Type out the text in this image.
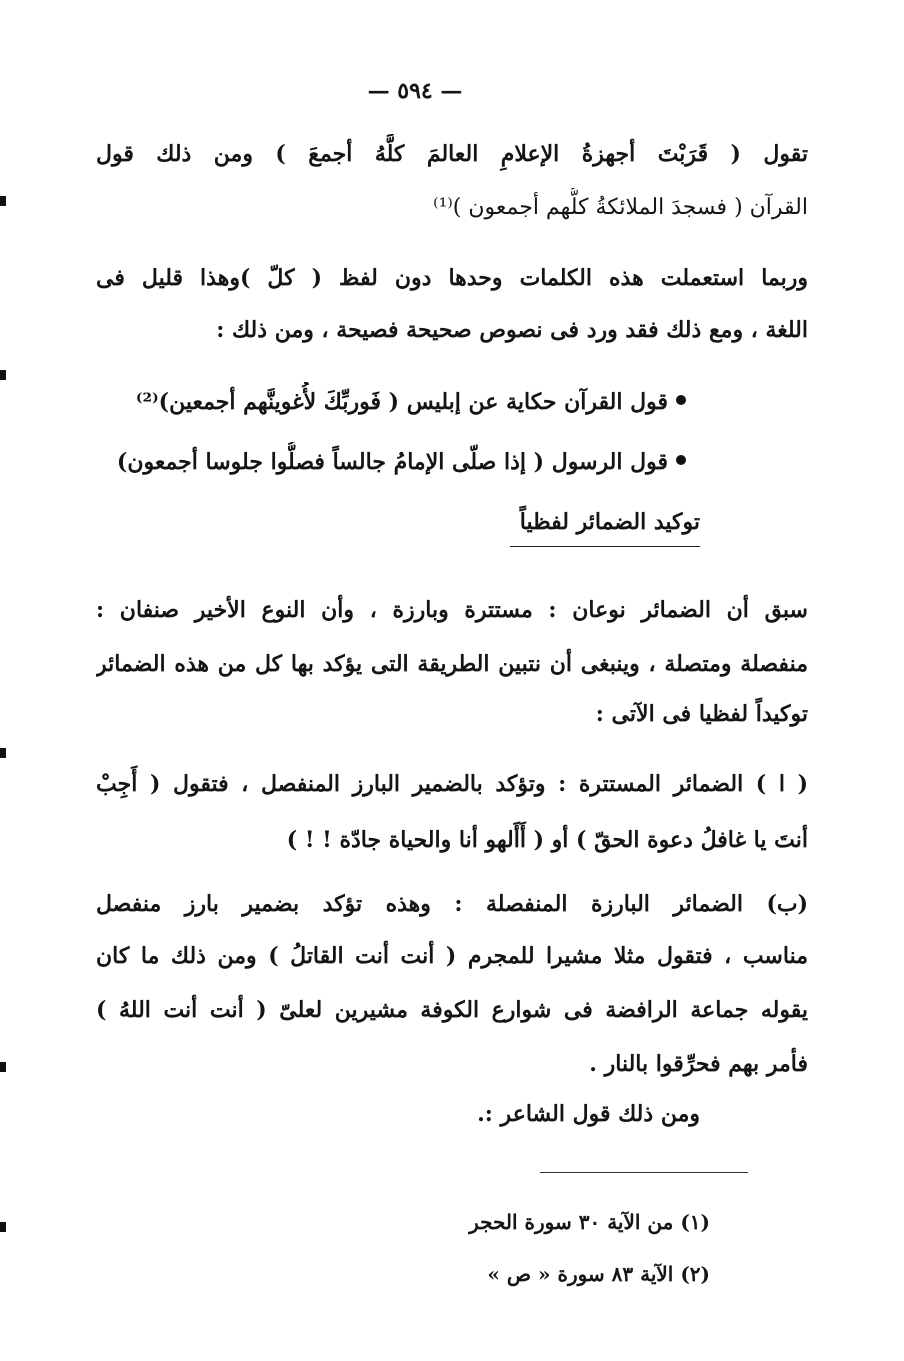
— ٥٩٤ —
تقول ( قَرَبْتَ أجهزةُ الإعلامِ العالمَ كلَّهُ أجمعَ ) ومن ذلك قول
القرآن ( فسجدَ الملائكةُ كلُّهم أجمعون )⁽¹⁾
وربما استعملت هذه الكلمات وحدها دون لفظ ( كلّ )وهذا قليل فى
اللغة ، ومع ذلك فقد ورد فى نصوص صحيحة فصيحة ، ومن ذلك :
قول القرآن حكاية عن إبليس ( فَوربِّكَ لأُغوينَّهم أجمعين)⁽²⁾
قول الرسول ( إذا صلّى الإمامُ جالساً فصلُّوا جلوسا أجمعون)
توكيد الضمائر لفظياً
سبق أن الضمائر نوعان : مستترة وبارزة ، وأن النوع الأخير صنفان :
منفصلة ومتصلة ، وينبغى أن نتبين الطريقة التى يؤكد بها كل من هذه الضمائر
توكيداً لفظيا فى الآتى :
( ا ) الضمائر المستترة : وتؤكد بالضمير البارز المنفصل ، فتقول ( أَجِبْ
أنتَ يا غافلُ دعوة الحقّ ) أو ( أَأَلهو أنا والحياة جادّة ! ! )
(ب) الضمائر البارزة المنفصلة : وهذه تؤكد بضمير بارز منفصل
مناسب ، فتقول مثلا مشيرا للمجرم ( أنت أنت القاتلُ ) ومن ذلك ما كان
يقوله جماعة الرافضة فى شوارع الكوفة مشيرين لعلىّ ( أنت أنت اللهُ )
فأمر بهم فحرِّقوا بالنار .
ومن ذلك قول الشاعر :.
(١) من الآية ٣٠ سورة الحجر
(٢) الآية ٨٣ سورة « ص »
